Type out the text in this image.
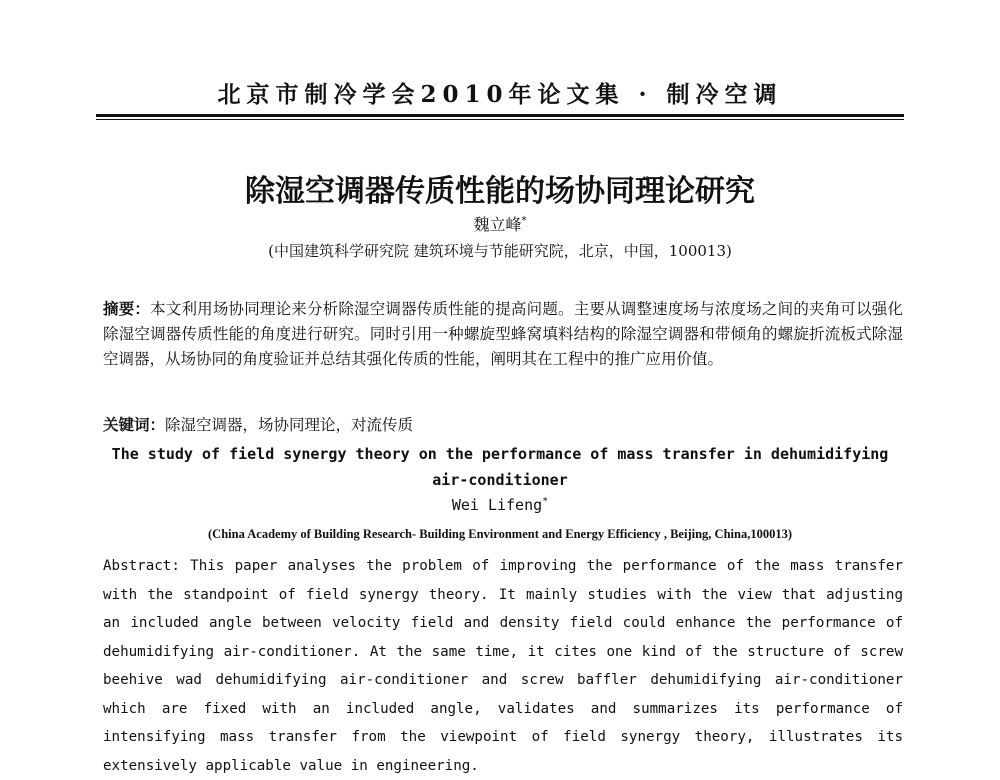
北京市制冷学会2010年论文集 · 制冷空调
除湿空调器传质性能的场协同理论研究
魏立峰*
(中国建筑科学研究院 建筑环境与节能研究院，北京，中国，100013)
摘要：本文利用场协同理论来分析除湿空调器传质性能的提高问题。主要从调整速度场与浓度场之间的夹角可以强化除湿空调器传质性能的角度进行研究。同时引用一种螺旋型蜂窝填料结构的除湿空调器和带倾角的螺旋折流板式除湿空调器，从场协同的角度验证并总结其强化传质的性能，阐明其在工程中的推广应用价值。
关键词：除湿空调器，场协同理论，对流传质
The study of field synergy theory on the performance of mass transfer in dehumidifying air-conditioner
Wei Lifeng*
(China Academy of Building Research- Building Environment and Energy Efficiency , Beijing, China,100013)
Abstract: This paper analyses the problem of improving the performance of the mass transfer with the standpoint of field synergy theory. It mainly studies with the view that adjusting an included angle between velocity field and density field could enhance the performance of dehumidifying air-conditioner. At the same time, it cites one kind of the structure of screw beehive wad dehumidifying air-conditioner and screw baffler dehumidifying air-conditioner which are fixed with an included angle, validates and summarizes its performance of intensifying mass transfer from the viewpoint of field synergy theory, illustrates its extensively applicable value in engineering.
